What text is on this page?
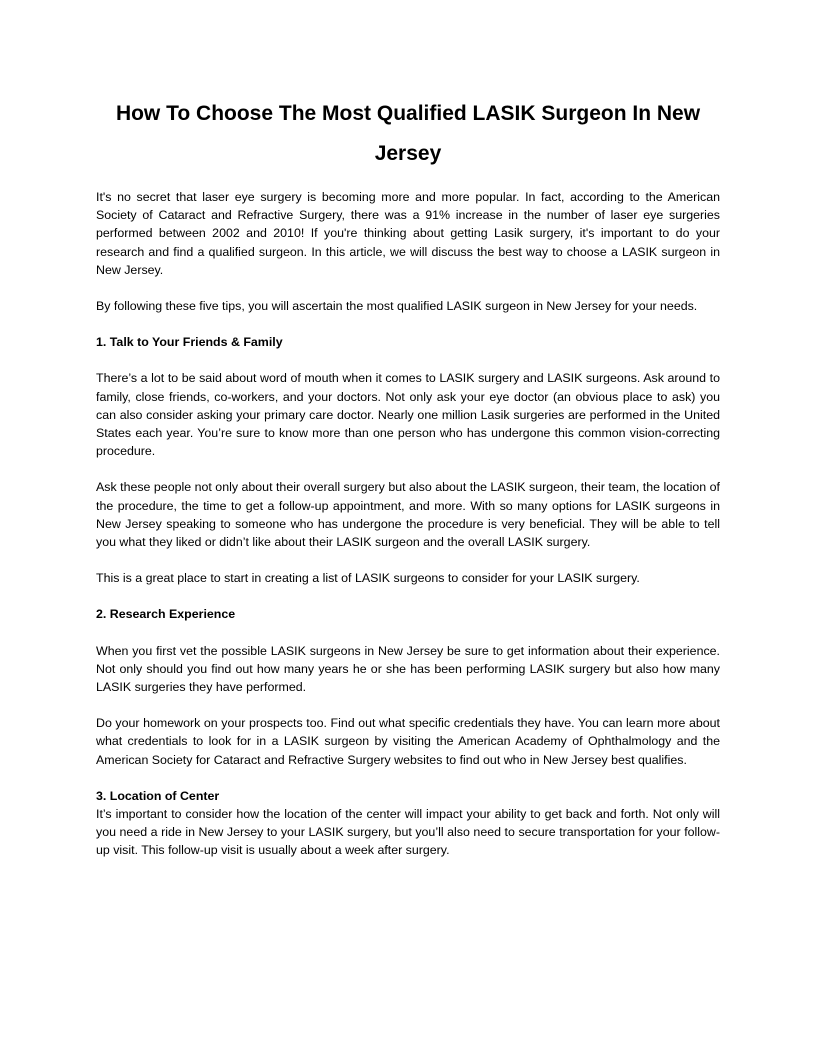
How To Choose The Most Qualified LASIK Surgeon In New Jersey

It's no secret that laser eye surgery is becoming more and more popular. In fact, according to the American Society of Cataract and Refractive Surgery, there was a 91% increase in the number of laser eye surgeries performed between 2002 and 2010! If you're thinking about getting Lasik surgery, it's important to do your research and find a qualified surgeon. In this article, we will discuss the best way to choose a LASIK surgeon in New Jersey.

By following these five tips, you will ascertain the most qualified LASIK surgeon in New Jersey for your needs.

1. Talk to Your Friends & Family

There’s a lot to be said about word of mouth when it comes to LASIK surgery and LASIK surgeons. Ask around to family, close friends, co-workers, and your doctors. Not only ask your eye doctor (an obvious place to ask) you can also consider asking your primary care doctor. Nearly one million Lasik surgeries are performed in the United States each year. You’re sure to know more than one person who has undergone this common vision-correcting procedure.

Ask these people not only about their overall surgery but also about the LASIK surgeon, their team, the location of the procedure, the time to get a follow-up appointment, and more. With so many options for LASIK surgeons in New Jersey speaking to someone who has undergone the procedure is very beneficial. They will be able to tell you what they liked or didn’t like about their LASIK surgeon and the overall LASIK surgery.

This is a great place to start in creating a list of LASIK surgeons to consider for your LASIK surgery.

2. Research Experience

When you first vet the possible LASIK surgeons in New Jersey be sure to get information about their experience. Not only should you find out how many years he or she has been performing LASIK surgery but also how many LASIK surgeries they have performed.

Do your homework on your prospects too. Find out what specific credentials they have. You can learn more about what credentials to look for in a LASIK surgeon by visiting the American Academy of Ophthalmology and the American Society for Cataract and Refractive Surgery websites to find out who in New Jersey best qualifies.

3. Location of Center

It’s important to consider how the location of the center will impact your ability to get back and forth. Not only will you need a ride in New Jersey to your LASIK surgery, but you’ll also need to secure transportation for your follow-up visit. This follow-up visit is usually about a week after surgery.
